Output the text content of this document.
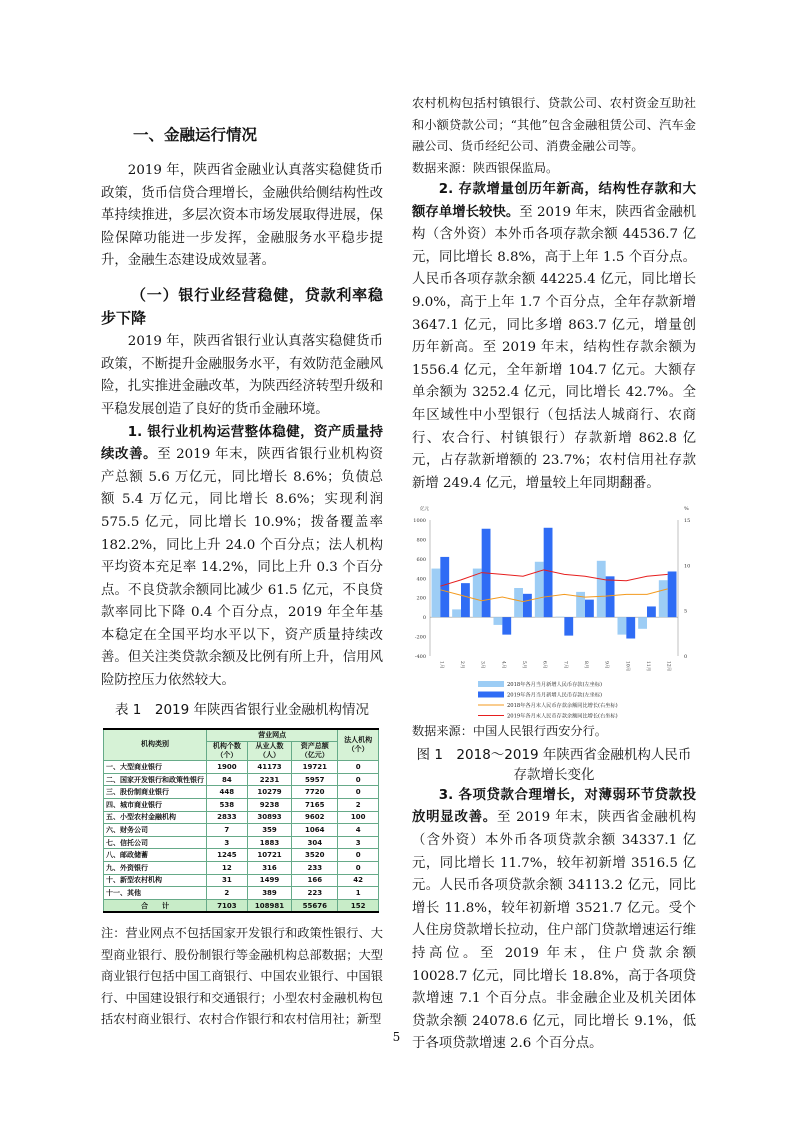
一、金融运行情况
2019 年，陕西省金融业认真落实稳健货币政策，货币信贷合理增长，金融供给侧结构性改革持续推进，多层次资本市场发展取得进展，保险保障功能进一步发挥，金融服务水平稳步提升，金融生态建设成效显著。
（一）银行业经营稳健，贷款利率稳步下降
2019 年，陕西省银行业认真落实稳健货币政策，不断提升金融服务水平，有效防范金融风险，扎实推进金融改革，为陕西经济转型升级和平稳发展创造了良好的货币金融环境。
1. 银行业机构运营整体稳健，资产质量持续改善。至 2019 年末，陕西省银行业机构资产总额 5.6 万亿元，同比增长 8.6%；负债总额 5.4 万亿元，同比增长 8.6%；实现利润 575.5 亿元，同比增长 10.9%；拨备覆盖率 182.2%，同比上升 24.0 个百分点；法人机构平均资本充足率 14.2%，同比上升 0.3 个百分点。不良贷款余额同比减少 61.5 亿元，不良贷款率同比下降 0.4 个百分点，2019 年全年基本稳定在全国平均水平以下，资产质量持续改善。但关注类贷款余额及比例有所上升，信用风险防控压力依然较大。
表 1　2019 年陕西省银行业金融机构情况
机构类别	营业网点			法人机构（个）
	机构个数（个）	从业人数（人）	资产总额（亿元）	
一、大型商业银行	1900	41173	19721	0
二、国家开发银行和政策性银行	84	2231	5957	0
三、股份制商业银行	448	10279	7720	0
四、城市商业银行	538	9238	7165	2
五、小型农村金融机构	2833	30893	9602	100
六、财务公司	7	359	1064	4
七、信托公司	3	1883	304	3
八、邮政储蓄	1245	10721	3520	0
九、外资银行	12	316	233	0
十、新型农村机构	31	1499	166	42
十一、其他	2	389	223	1
合　　计	7103	108981	55676	152
注：营业网点不包括国家开发银行和政策性银行、大型商业银行、股份制银行等金融机构总部数据；大型商业银行包括中国工商银行、中国农业银行、中国银行、中国建设银行和交通银行；小型农村金融机构包括农村商业银行、农村合作银行和农村信用社；新型
农村机构包括村镇银行、贷款公司、农村资金互助社和小额贷款公司；“其他”包含金融租赁公司、汽车金融公司、货币经纪公司、消费金融公司等。
数据来源：陕西银保监局。
2. 存款增量创历年新高，结构性存款和大额存单增长较快。至 2019 年末，陕西省金融机构（含外资）本外币各项存款余额 44536.7 亿元，同比增长 8.8%，高于上年 1.5 个百分点。人民币各项存款余额 44225.4 亿元，同比增长 9.0%，高于上年 1.7 个百分点，全年存款新增 3647.1 亿元，同比多增 863.7 亿元，增量创历年新高。至 2019 年末，结构性存款余额为 1556.4 亿元，全年新增 104.7 亿元。大额存单余额为 3252.4 亿元，同比增长 42.7%。全年区域性中小型银行（包括法人城商行、农商行、农合行、村镇银行）存款新增 862.8 亿元，占存款新增额的 23.7%；农村信用社存款新增 249.4 亿元，增量较上年同期翻番。
-400
-200
0
200
400
600
800
1000
0
5
10
15
亿元	%
1月	2月	3月	4月	5月	6月	7月	8月	9月	10月	11月	12月
2018年各月当月新增人民币存款(左坐标)
2019年各月当月新增人民币存款(左坐标)
2018年各月末人民币存款余额同比增长(右坐标)
2019年各月末人民币存款余额同比增长(右坐标)
数据来源：中国人民银行西安分行。
图 1　2018～2019 年陕西省金融机构人民币存款增长变化
3. 各项贷款合理增长，对薄弱环节贷款投放明显改善。至 2019 年末，陕西省金融机构（含外资）本外币各项贷款余额 34337.1 亿元，同比增长 11.7%，较年初新增 3516.5 亿元。人民币各项贷款余额 34113.2 亿元，同比增长 11.8%，较年初新增 3521.7 亿元。受个人住房贷款增长拉动，住户部门贷款增速运行维持高位。至 2019 年末，住户贷款余额 10028.7 亿元，同比增长 18.8%，高于各项贷款增速 7.1 个百分点。非金融企业及机关团体贷款余额 24078.6 亿元，同比增长 9.1%，低于各项贷款增速 2.6 个百分点。
5
